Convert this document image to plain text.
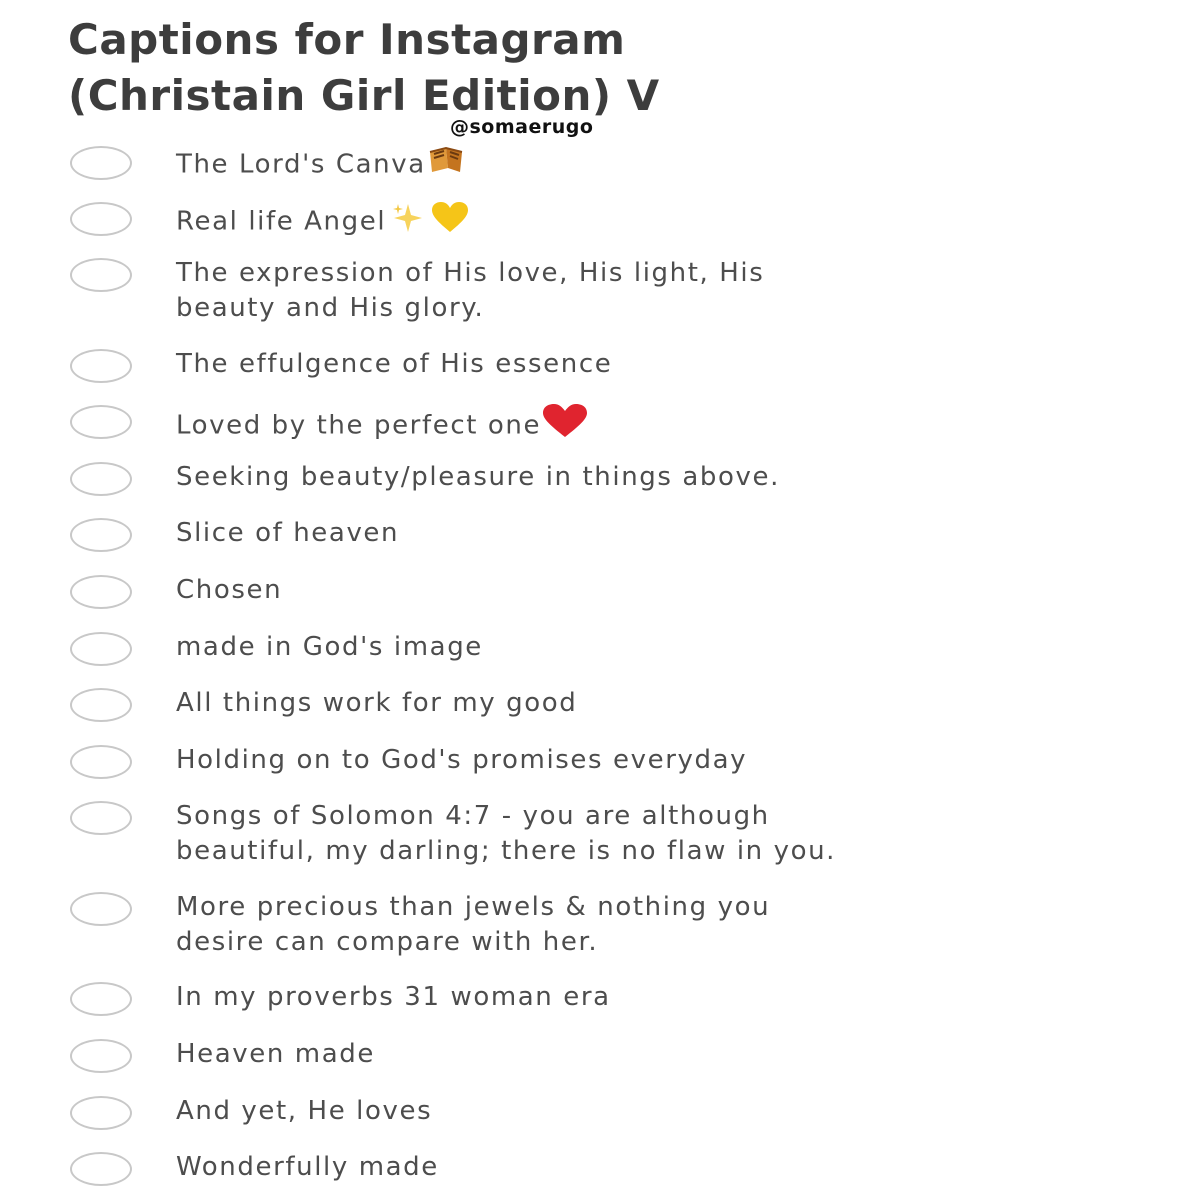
Captions for Instagram
(Christain Girl Edition) V
@somaerugo
The Lord's Canva
Real life Angel
The expression of His love, His light, His
beauty and His glory.
The effulgence of His essence
Loved by the perfect one
Seeking beauty/pleasure in things above.
Slice of heaven
Chosen
made in God's image
All things work for my good
Holding on to God's promises everyday
Songs of Solomon 4:7 - you are although
beautiful, my darling; there is no flaw in you.
More precious than jewels & nothing you
desire can compare with her.
In my proverbs 31 woman era
Heaven made
And yet, He loves
Wonderfully made
